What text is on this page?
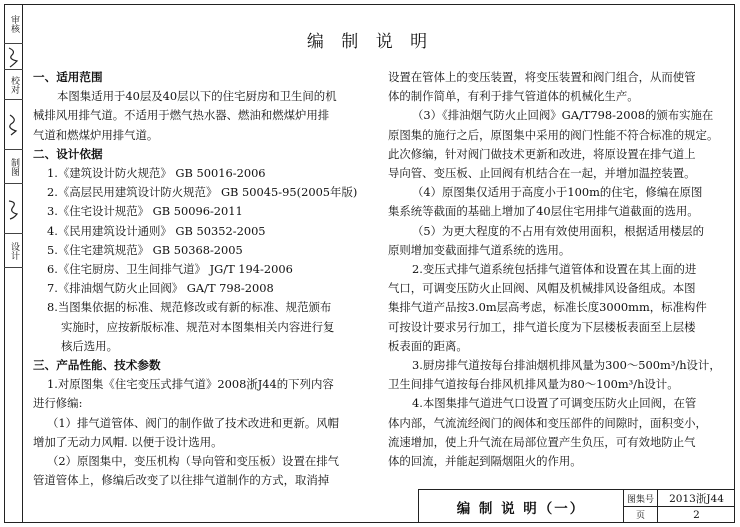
审核
校对
制图
设计
编 制 说 明

一、适用范围

本图集适用于40层及40层以下的住宅厨房和卫生间的机

械排风用排气道。不适用于燃气热水器、燃油和燃煤炉用排

气道和燃煤炉用排气道。

二、设计依据

1.《建筑设计防火规范》 GB 50016-2006

2.《高层民用建筑设计防火规范》 GB 50045-95(2005年版)

3.《住宅设计规范》 GB 50096-2011

4.《民用建筑设计通则》 GB 50352-2005

5.《住宅建筑规范》 GB 50368-2005

6.《住宅厨房、卫生间排气道》 JG/T 194-2006

7.《排油烟气防火止回阀》 GA/T 798-2008

8.当图集依据的标准、规范修改或有新的标准、规范颁布

实施时，应按新版标准、规范对本图集相关内容进行复

核后选用。

三、产品性能、技术参数

1.对原图集《住宅变压式排气道》2008浙J44的下列内容

进行修编:

（1）排气道管体、阀门的制作做了技术改进和更新。风帽

增加了无动力风帽. 以便于设计选用。

（2）原图集中，变压机构（导向管和变压板）设置在排气

管道管体上，修编后改变了以往排气道制作的方式，取消掉

设置在管体上的变压装置，将变压装置和阀门组合，从而使管

体的制作简单，有利于排气管道体的机械化生产。

（3）《排油烟气防火止回阀》GA/T798-2008的颁布实施在

原图集的施行之后，原图集中采用的阀门性能不符合标准的规定。

此次修编，针对阀门做技术更新和改进，将原设置在排气道上

导向管、变压板、止回阀有机结合在一起，并增加温控装置。

（4）原图集仅适用于高度小于100m的住宅，修编在原图

集系统等截面的基础上增加了40层住宅用排气道截面的选用。

（5）为更大程度的不占用有效使用面积，根据适用楼层的

原则增加变截面排气道系统的选用。

2.变压式排气道系统包括排气道管体和设置在其上面的进

气口，可调变压防火止回阀、风帽及机械排风设备组成。本图

集排气道产品按3.0m层高考虑，标准长度3000mm，标准构件

可按设计要求另行加工，排气道长度为下层楼板表面至上层楼

板表面的距离。

3.厨房排气道按每台排油烟机排风量为300～500m³/h设计，

卫生间排气道按每台排风机排风量为80～100m³/h设计。

4.本图集排气道进气口设置了可调变压防火止回阀，在管

体内部，气流流经阀门的阀体和变压部件的间隙时，面积变小，

流速增加，使上升气流在局部位置产生负压，可有效地防止气

体的回流，并能起到隔烟阻火的作用。

编 制 说 明（一）
图集号	2013浙J44
页	2
